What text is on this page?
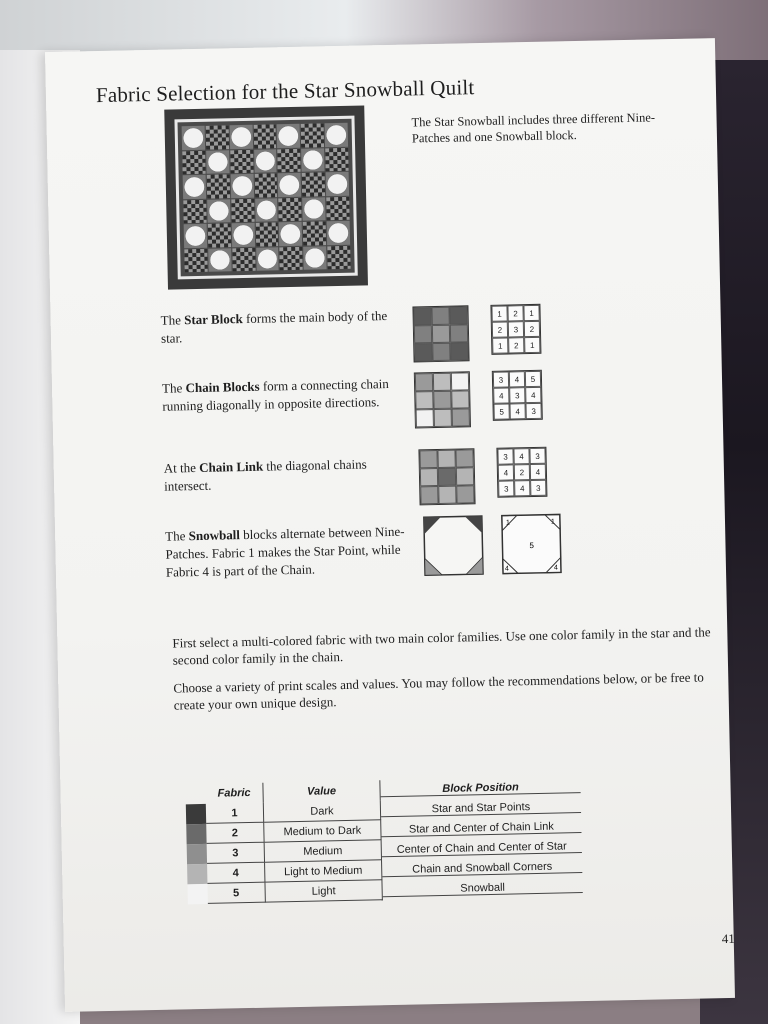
Fabric Selection for the Star Snowball Quilt
The Star Snowball includes three different Nine-Patches and one Snowball block.
The Star Block forms the main body of the star.
1	2	1
2	3	2
1	2	1
The Chain Blocks form a connecting chain running diagonally in opposite directions.
3	4	5
4	3	4
5	4	3
At the Chain Link the diagonal chains intersect.
3	4	3
4	2	4
3	4	3
The Snowball blocks alternate between Nine-Patches. Fabric 1 makes the Star Point, while Fabric 4 is part of the Chain.
1	1
5
4	4
First select a multi-colored fabric with two main color families. Use one color family in the star and the second color family in the chain.
Choose a variety of print scales and values. You may follow the recommendations below, or be free to create your own unique design.
Fabric	Value	Block Position
1	Dark	Star and Star Points
2	Medium to Dark	Star and Center of Chain Link
3	Medium	Center of Chain and Center of Star
4	Light to Medium	Chain and Snowball Corners
5	Light	Snowball
41
